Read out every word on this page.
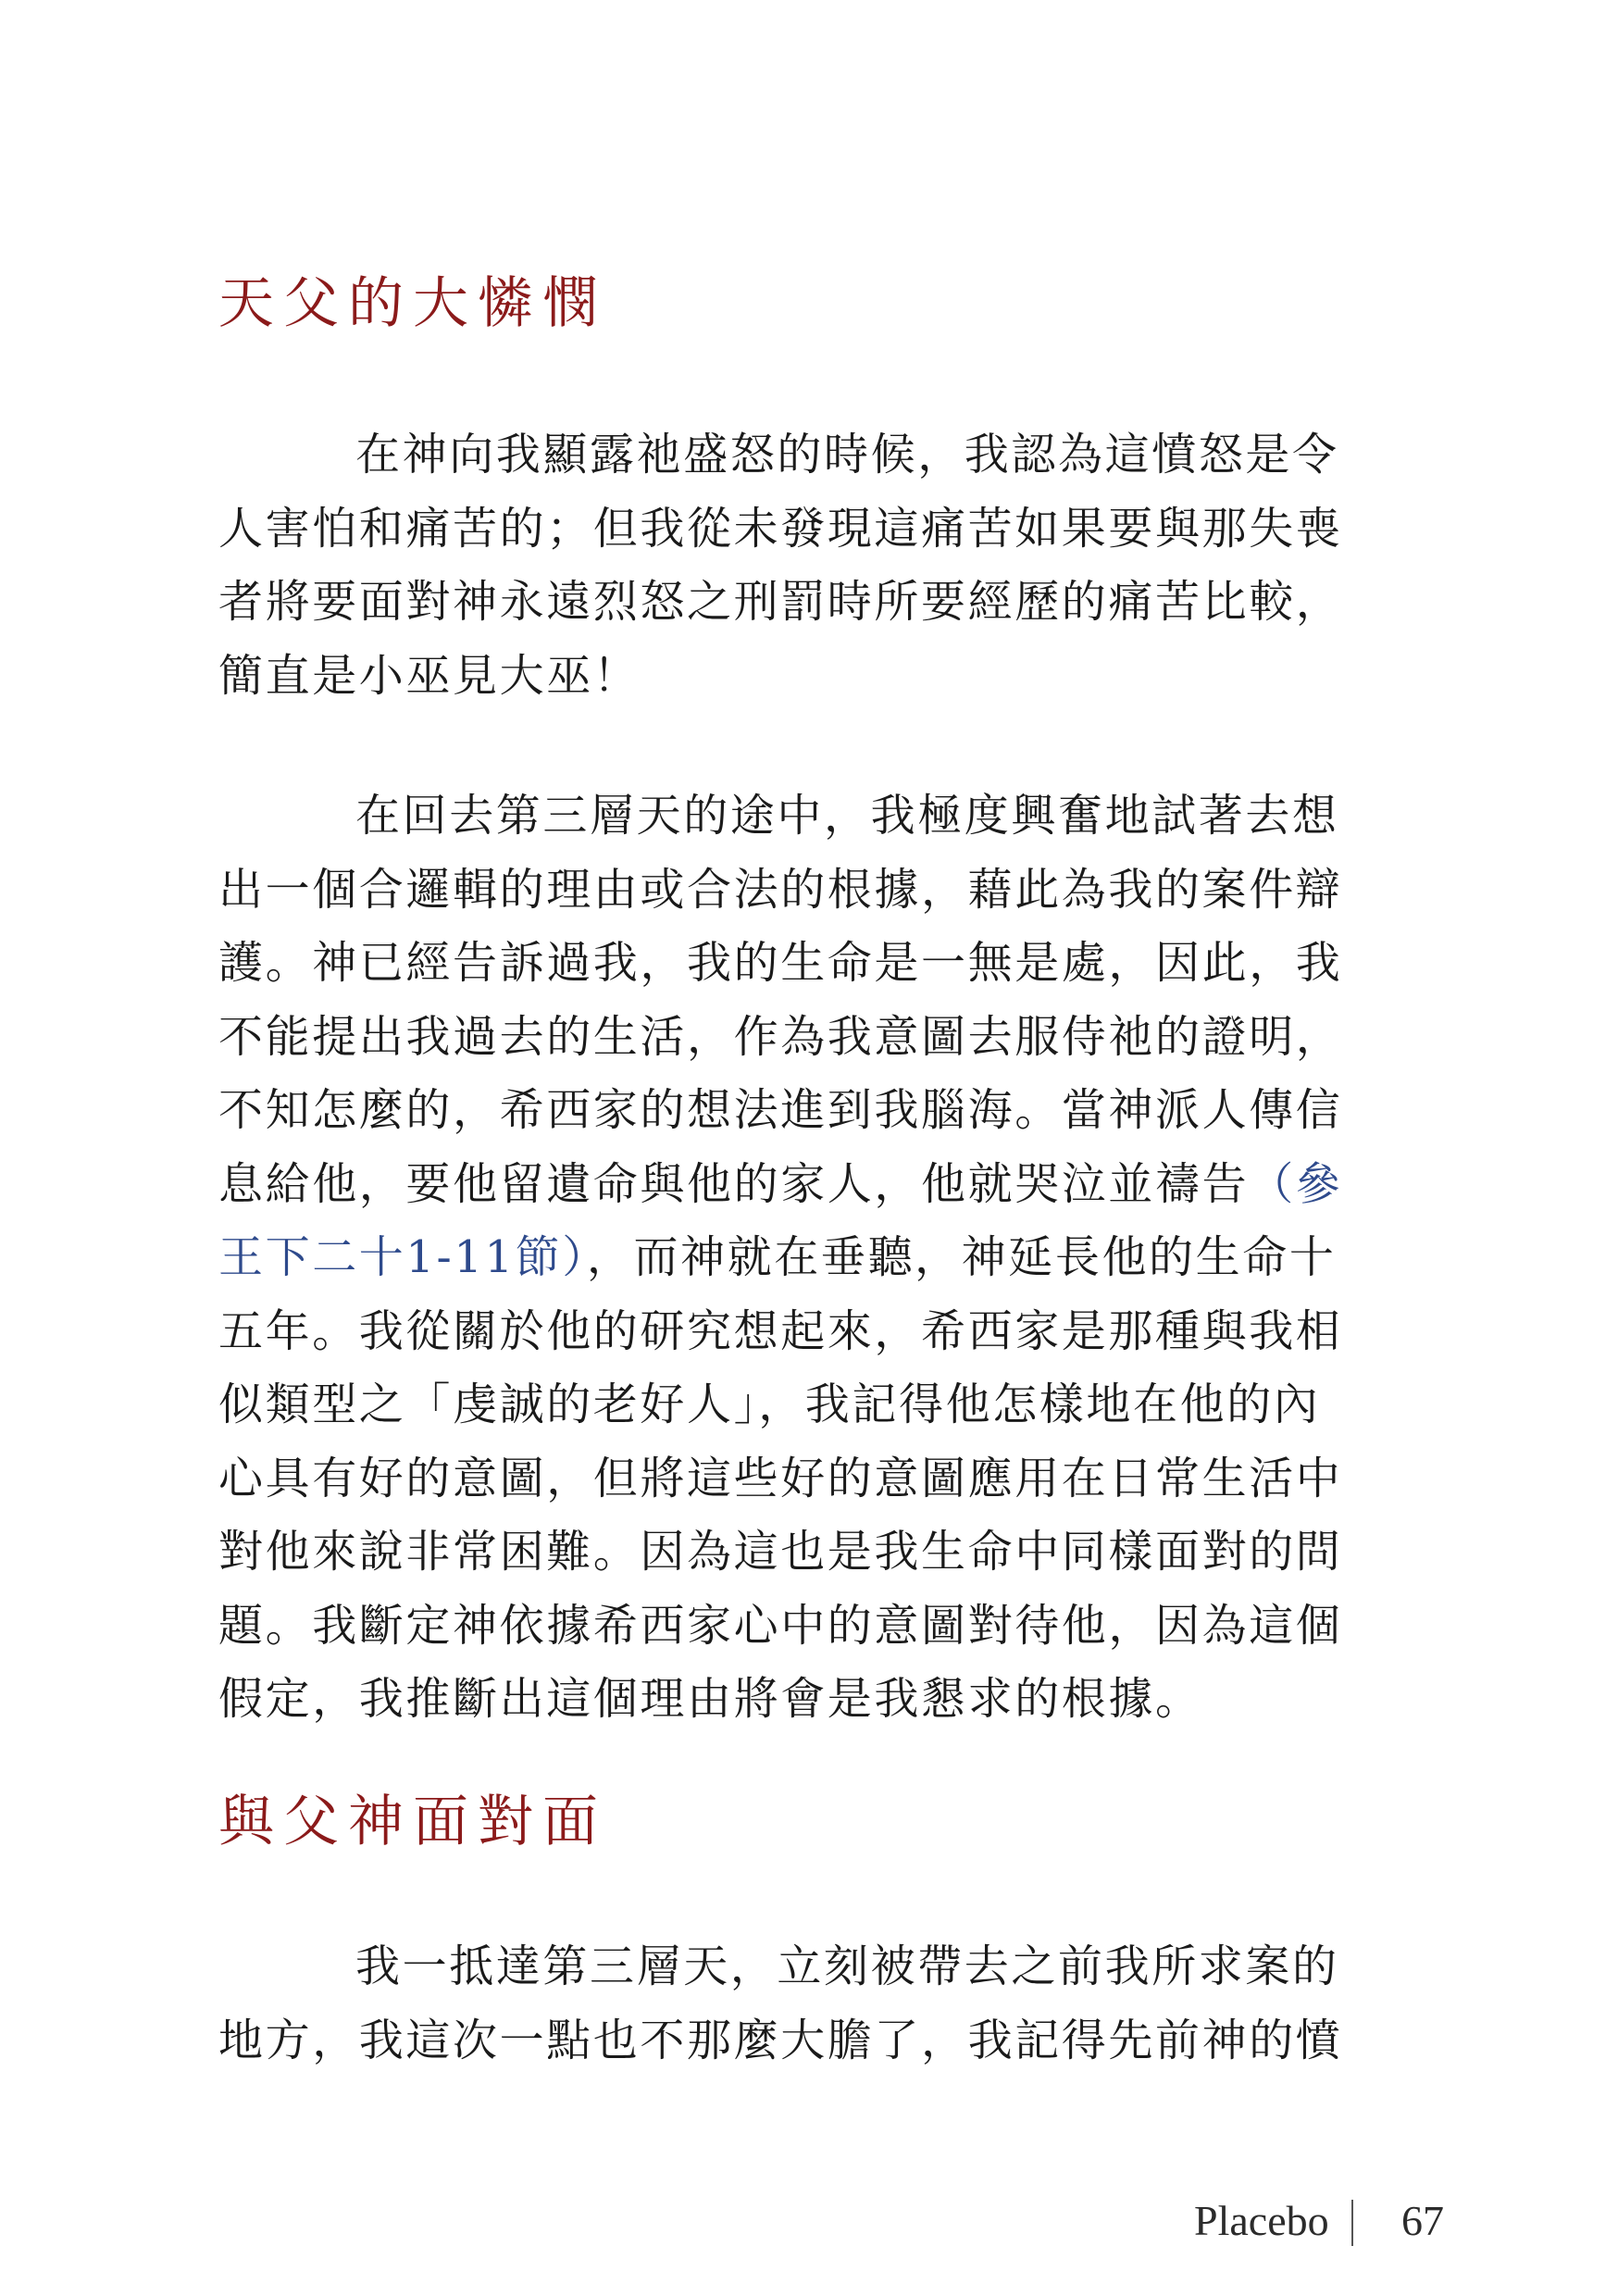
天父的大憐憫

在神向我顯露祂盛怒的時候，我認為這憤怒是令
人害怕和痛苦的；但我從未發現這痛苦如果要與那失喪
者將要面對神永遠烈怒之刑罰時所要經歷的痛苦比較，
簡直是小巫見大巫！

在回去第三層天的途中，我極度興奮地試著去想
出一個合邏輯的理由或合法的根據，藉此為我的案件辯
護。神已經告訴過我，我的生命是一無是處，因此，我
不能提出我過去的生活，作為我意圖去服侍祂的證明，
不知怎麼的，希西家的想法進到我腦海。當神派人傳信
息給他，要他留遺命與他的家人，他就哭泣並禱告（參
王下二十1-11節），而神就在垂聽，神延長他的生命十
五年。我從關於他的研究想起來，希西家是那種與我相
似類型之「虔誠的老好人」，我記得他怎樣地在他的內
心具有好的意圖，但將這些好的意圖應用在日常生活中
對他來說非常困難。因為這也是我生命中同樣面對的問
題。我斷定神依據希西家心中的意圖對待他，因為這個
假定，我推斷出這個理由將會是我懇求的根據。

與父神面對面

我一抵達第三層天，立刻被帶去之前我所求案的
地方，我這次一點也不那麼大膽了，我記得先前神的憤

Placebo 67
